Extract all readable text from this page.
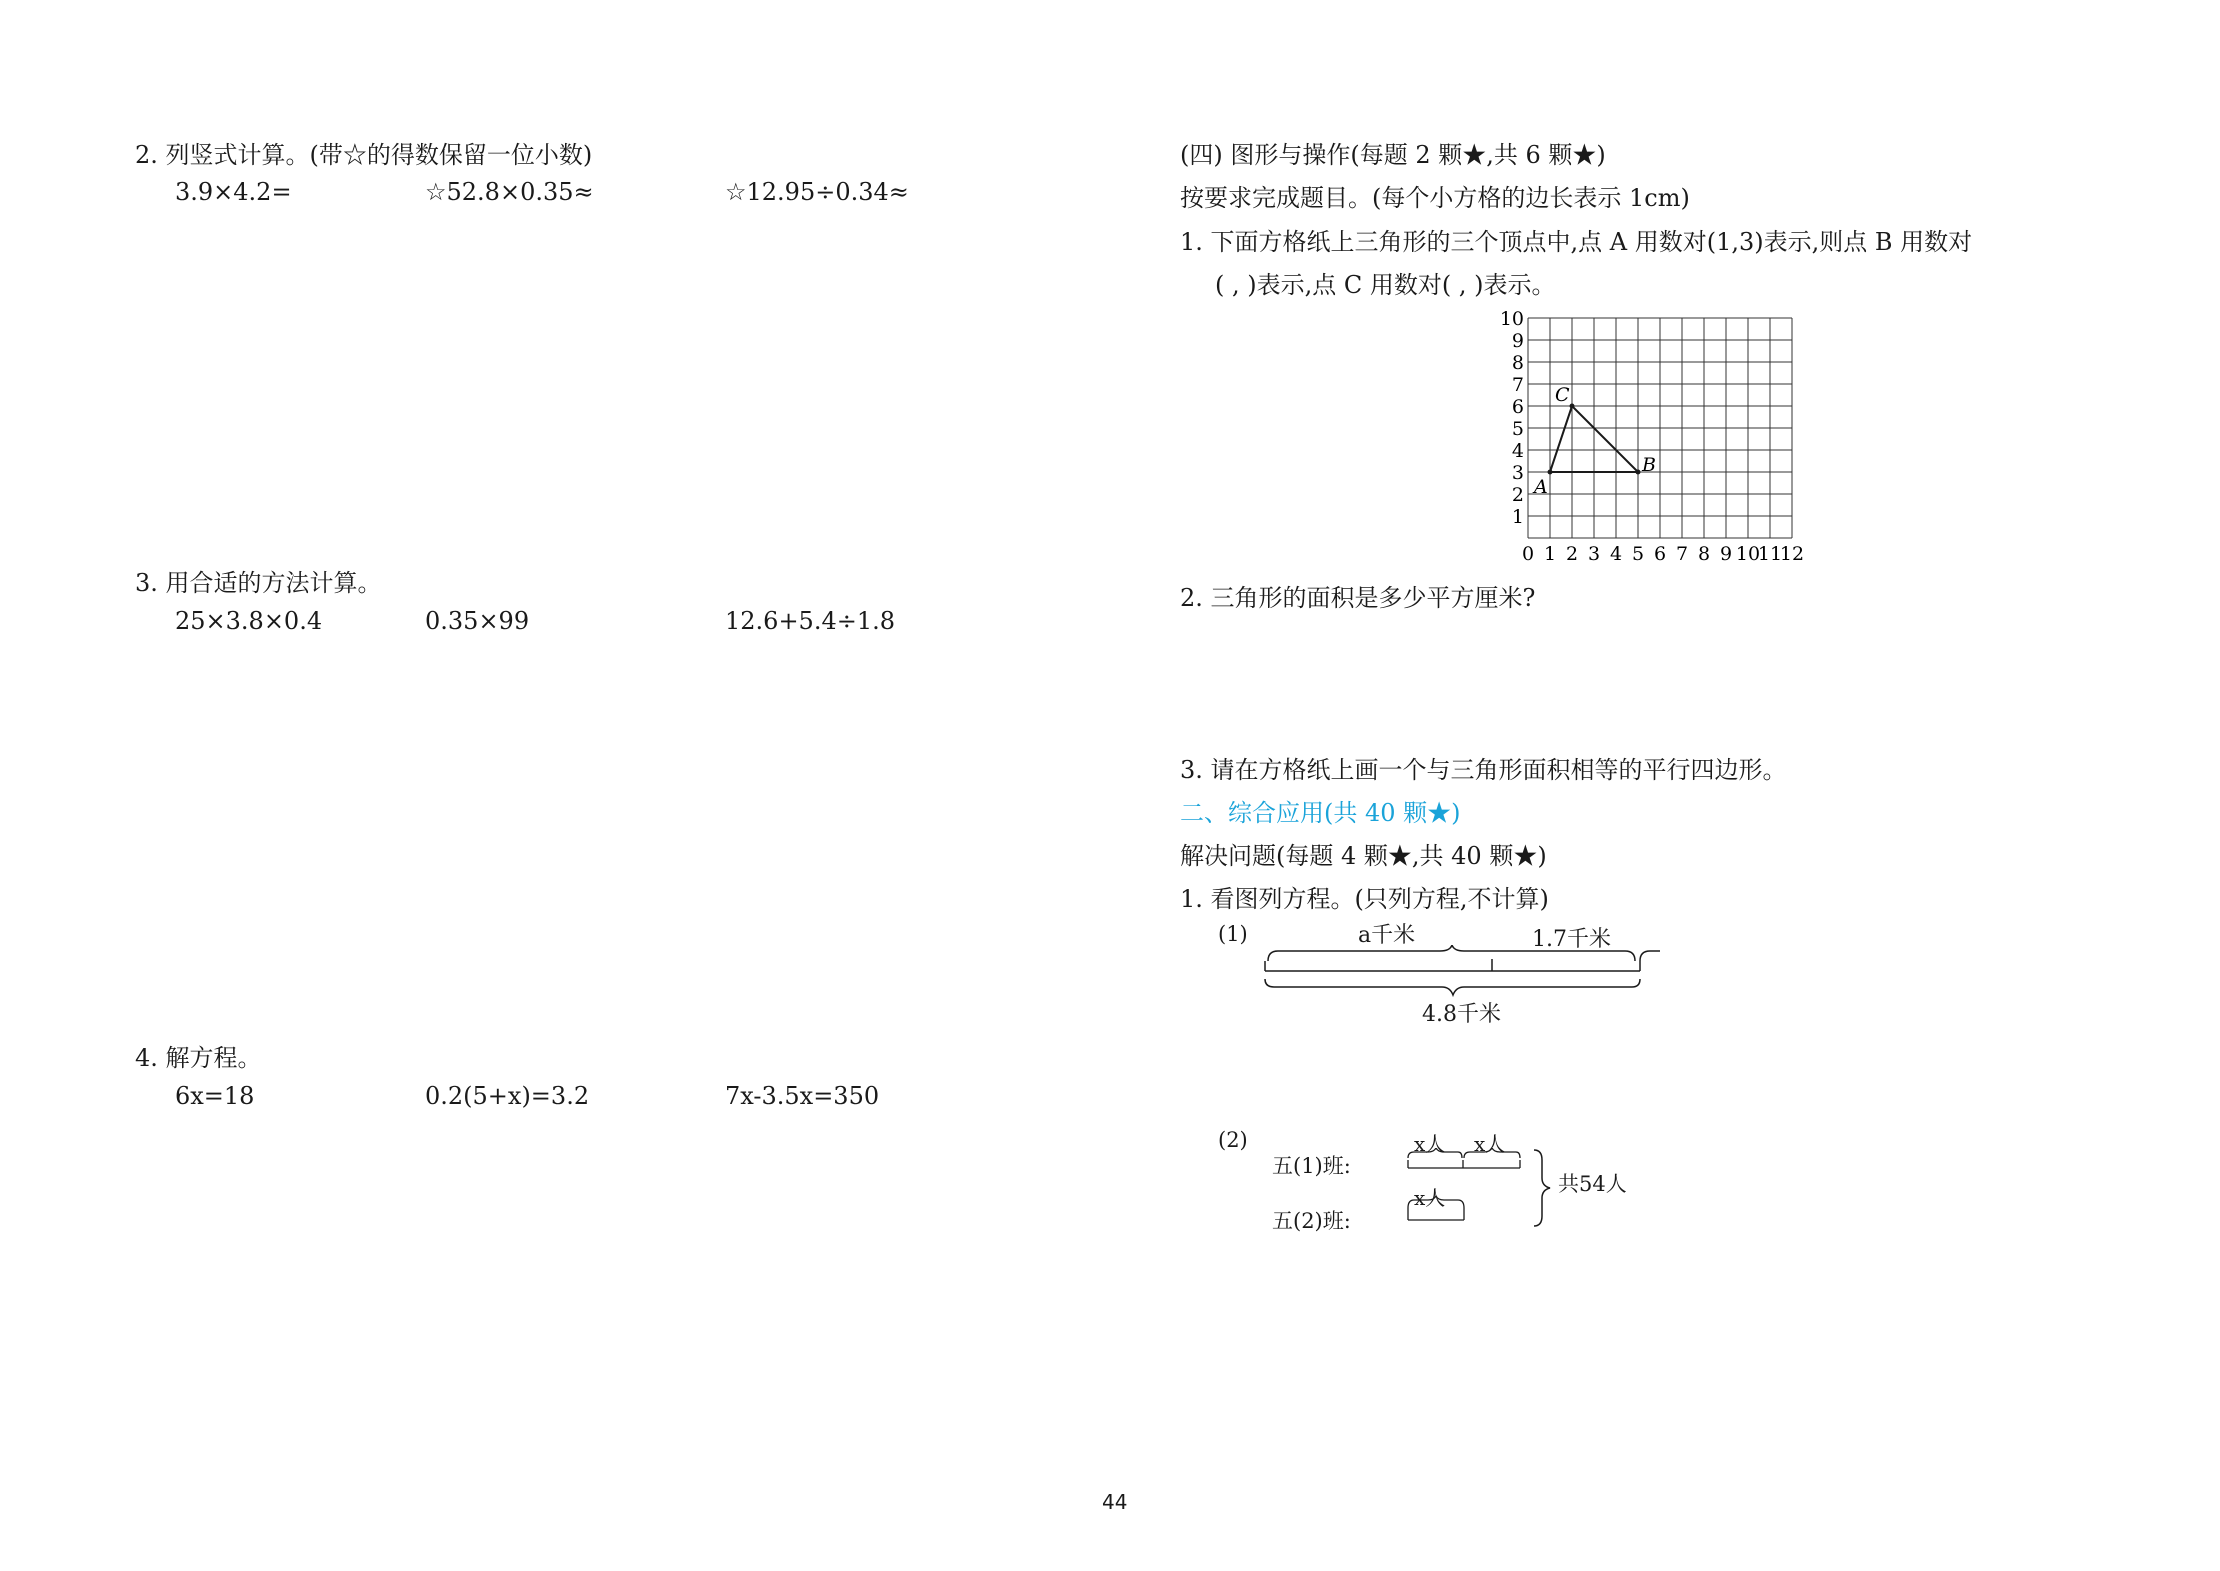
2. 列竖式计算。(带☆的得数保留一位小数)
3.9×4.2=	☆52.8×0.35≈	☆12.95÷0.34≈
3. 用合适的方法计算。
25×3.8×0.4	0.35×99	12.6+5.4÷1.8
4. 解方程。
6x=18	0.2(5+x)=3.2	7x-3.5x=350
(四) 图形与操作(每题 2 颗★,共 6 颗★)
按要求完成题目。(每个小方格的边长表示 1cm)
1. 下面方格纸上三角形的三个顶点中,点 A 用数对(1,3)表示,则点 B 用数对
( , )表示,点 C 用数对( , )表示。
0 1 2 3 4 5 6 7 8 9 10
11
12
1
2
3
4
5
6
7
8
9
10
A
B
C
2. 三角形的面积是多少平方厘米?
3. 请在方格纸上画一个与三角形面积相等的平行四边形。
二、综合应用(共 40 颗★)
解决问题(每题 4 颗★,共 40 颗★)
1. 看图列方程。(只列方程,不计算)
(1)	a千米	1.7千米
4.8千米
(2)
五(1)班:
五(2)班:
x人 x人
x人
共54人
44
